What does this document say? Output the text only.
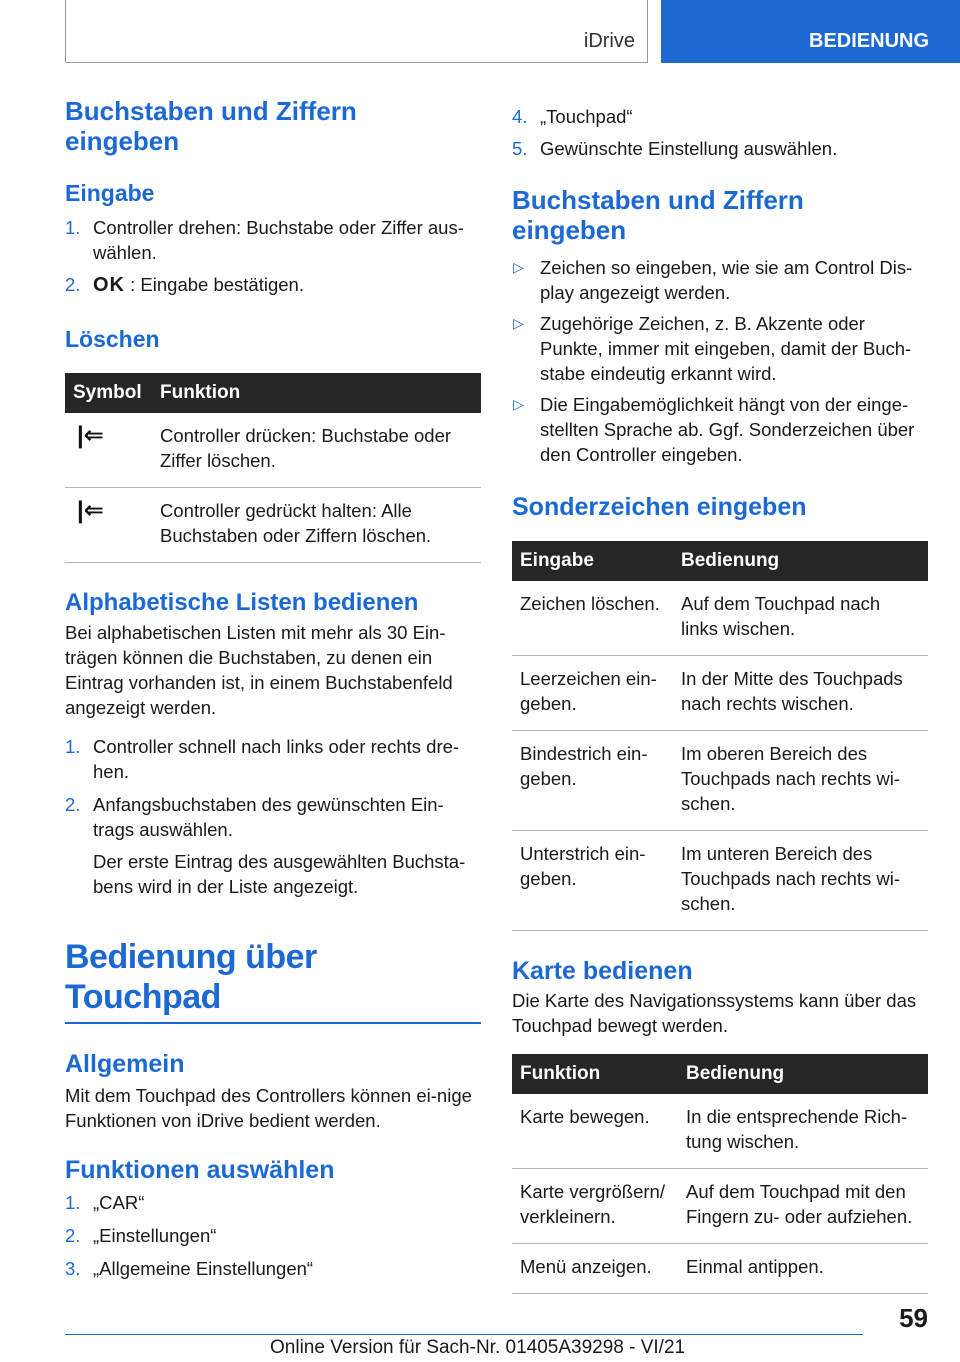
iDrive	BEDIENUNG
Buchstaben und Ziffern eingeben
Eingabe
1. Controller drehen: Buchstabe oder Ziffer aus-wählen.
2. OK : Eingabe bestätigen.
Löschen
Symbol	Funktion
|⇐	Controller drücken: Buchstabe oder Ziffer löschen.
|⇐	Controller gedrückt halten: Alle Buchstaben oder Ziffern löschen.
Alphabetische Listen bedienen

Bei alphabetischen Listen mit mehr als 30 Ein-trägen können die Buchstaben, zu denen ein Eintrag vorhanden ist, in einem Buchstabenfeld angezeigt werden.

1. Controller schnell nach links oder rechts dre-hen.
2. Anfangsbuchstaben des gewünschten Ein-trags auswählen.
Der erste Eintrag des ausgewählten Buchsta-bens wird in der Liste angezeigt.
Bedienung über Touchpad
Allgemein

Mit dem Touchpad des Controllers können ei-nige Funktionen von iDrive bedient werden.

Funktionen auswählen
1. „CAR“
2. „Einstellungen“
3. „Allgemeine Einstellungen“
4. „Touchpad“
5. Gewünschte Einstellung auswählen.
Buchstaben und Ziffern eingeben
▷ Zeichen so eingeben, wie sie am Control Dis-play angezeigt werden.
▷ Zugehörige Zeichen, z. B. Akzente oder Punkte, immer mit eingeben, damit der Buch-stabe eindeutig erkannt wird.
▷ Die Eingabemöglichkeit hängt von der einge-stellten Sprache ab. Ggf. Sonderzeichen über den Controller eingeben.
Sonderzeichen eingeben
Eingabe	Bedienung
Zeichen löschen.	Auf dem Touchpad nach links wischen.
Leerzeichen ein-geben.	In der Mitte des Touchpads nach rechts wischen.
Bindestrich ein-geben.	Im oberen Bereich des Touchpads nach rechts wi-schen.
Unterstrich ein-geben.	Im unteren Bereich des Touchpads nach rechts wi-schen.
Karte bedienen

Die Karte des Navigationssystems kann über das Touchpad bewegt werden.

Funktion	Bedienung
Karte bewegen.	In die entsprechende Rich-tung wischen.
Karte vergrößern/ verkleinern.	Auf dem Touchpad mit den Fingern zu- oder aufziehen.
Menü anzeigen.	Einmal antippen.
59
Online Version für Sach-Nr. 01405A39298 - VI/21
